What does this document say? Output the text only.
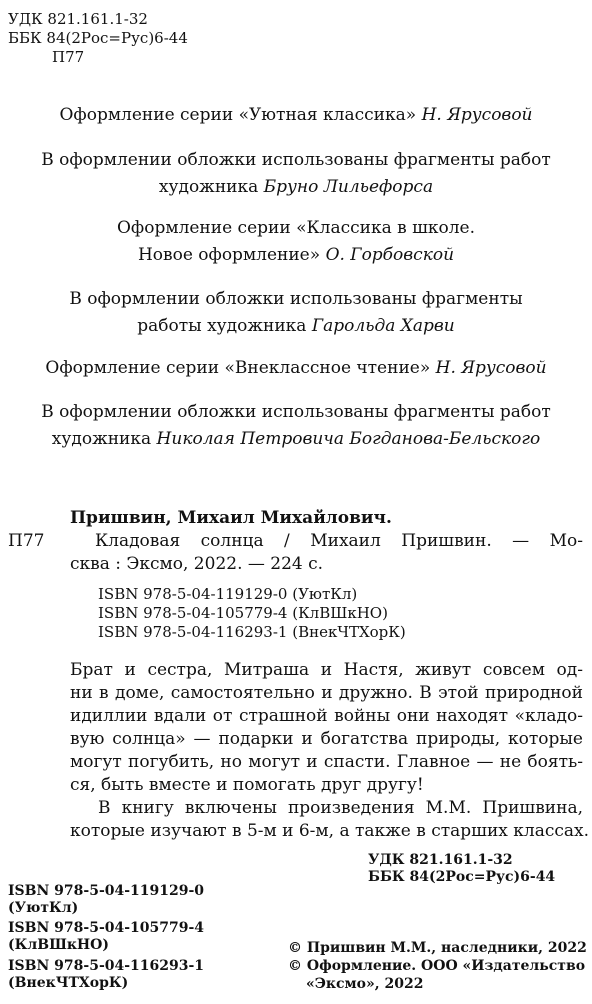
УДК 821.161.1-32
ББК 84(2Рос=Рус)6-44
П77
Оформление серии «Уютная классика» Н. Ярусовой
В оформлении обложки использованы фрагменты работ
художника Бруно Лильефорса
Оформление серии «Классика в школе.
Новое оформление» О. Горбовской
В оформлении обложки использованы фрагменты
работы художника Гарольда Харви
Оформление серии «Внеклассное чтение» Н. Ярусовой
В оформлении обложки использованы фрагменты работ
художника Николая Петровича Богданова-Бельского
Пришвин, Михаил Михайлович.
П77	Кладовая солнца / Михаил Пришвин. — Мо-
сква : Эксмо, 2022. — 224 с.
ISBN 978-5-04-119129-0 (УютКл)
ISBN 978-5-04-105779-4 (КлВШкНО)
ISBN 978-5-04-116293-1 (ВнекЧТХорК)
Брат и сестра, Митраша и Настя, живут совсем од-
ни в доме, самостоятельно и дружно. В этой природной
идиллии вдали от страшной войны они находят «кладо-
вую солнца» — подарки и богатства природы, которые
могут погубить, но могут и спасти. Главное — не боять-
ся, быть вместе и помогать друг другу!
В книгу включены произведения М.М. Пришвина,
которые изучают в 5-м и 6-м, а также в старших классах.
УДК 821.161.1-32
ББК 84(2Рос=Рус)6-44
ISBN 978-5-04-119129-0
(УютКл)
ISBN 978-5-04-105779-4
(КлВШкНО)
ISBN 978-5-04-116293-1
(ВнекЧТХорК)
© Пришвин М.М., наследники, 2022
© Оформление. ООО «Издательство
«Эксмо», 2022
